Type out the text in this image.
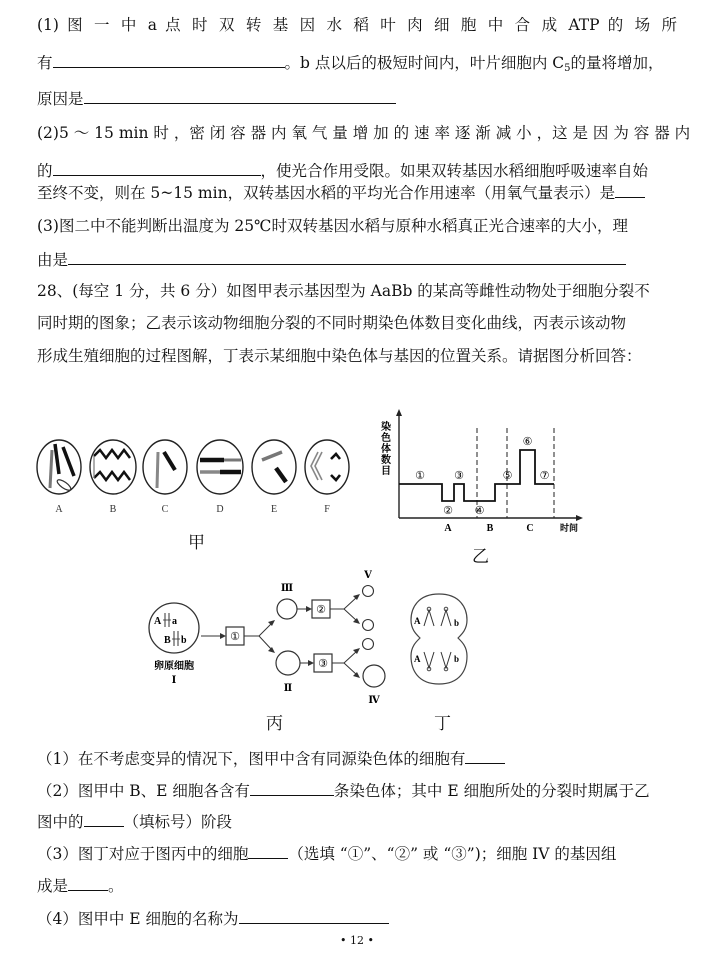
(1) 图 一 中 a 点 时 双 转 基 因 水 稻 叶 肉 细 胞 中 合 成 ATP 的 场 所
有	。b 点以后的极短时间内，叶片细胞内 $C_5$的量将增加，
原因是
(2)5 ～ 15 min 时 ，密 闭 容 器 内 氧 气 量 增 加 的 速 率 逐 渐 减 小 ，这 是 因 为 容 器 内
的	，使光合作用受限。如果双转基因水稻细胞呼吸速率自始
至终不变，则在 5~15 min，双转基因水稻的平均光合作用速率（用氧气量表示）是
(3)图二中不能判断出温度为 25℃时双转基因水稻与原种水稻真正光合速率的大小，理
由是
28、(每空 1 分，共 6 分）如图甲表示基因型为 AaBb 的某高等雌性动物处于细胞分裂不
同时期的图象；乙表示该动物细胞分裂的不同时期染色体数目变化曲线，丙表示该动物
形成生殖细胞的过程图解，丁表示某细胞中染色体与基因的位置关系。请据图分析回答：
A	B	C	D	E	F
甲
染
色
体
数
目 ①
②
③
④
⑤
⑥
⑦
A	B	C	时间
乙
A a
B b
卵原细胞
Ⅰ
①
Ⅲ
Ⅱ
②
③
Ⅴ
Ⅳ
丙
A	b
A	b
丁
（1）在不考虑变异的情况下，图甲中含有同源染色体的细胞有
（2）图甲中 B、E 细胞各含有	条染色体；其中 E 细胞所处的分裂时期属于乙
图中的	（填标号）阶段
（3）图丁对应于图丙中的细胞	（选填 “①”、“②” 或 “③”)；细胞 IV 的基因组
成是	。
（4）图甲中 E 细胞的名称为
• 12 •
